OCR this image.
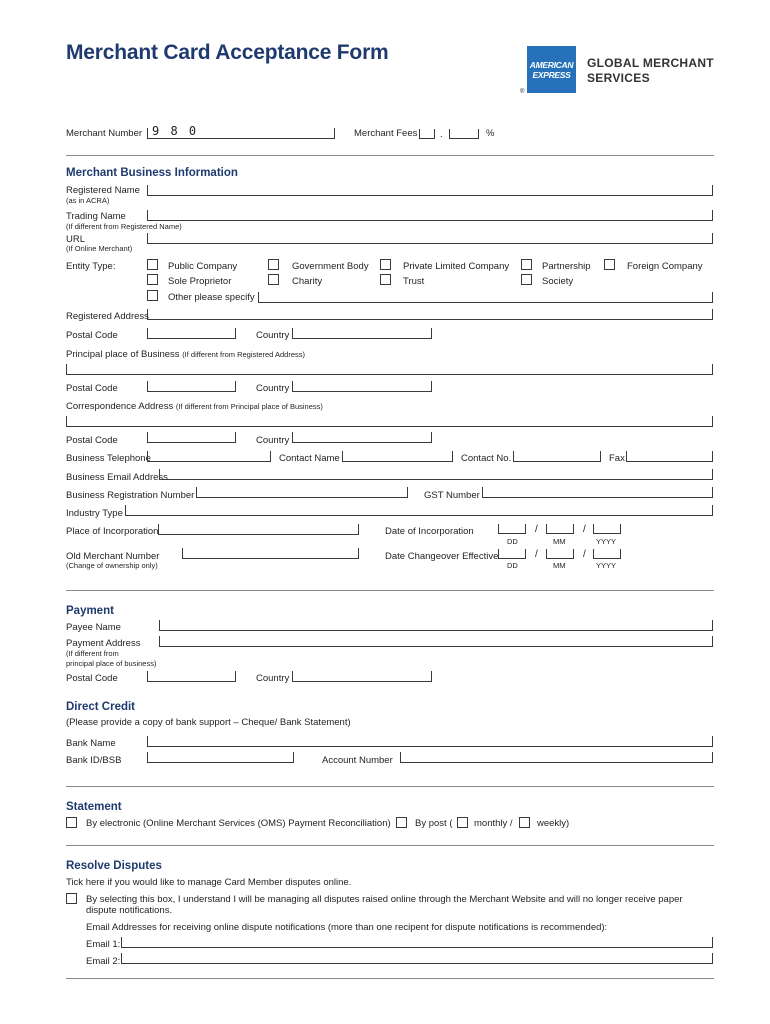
Merchant Card Acceptance Form
AMERICAN
EXPRESS
®
GLOBAL MERCHANT
SERVICES
Merchant Number 9 8 0	Merchant Fees .	%
Merchant Business Information
Registered Name
(as in ACRA)
Trading Name
(If different from Registered Name)
URL
(If Online Merchant)
Entity Type:	Public Company	Government Body	Private Limited Company	Partnership	Foreign Company
Sole Proprietor	Charity	Trust	Society
Other please specify
Registered Address
Postal Code	Country
Principal place of Business (If different from Registered Address)
Postal Code	Country
Correspondence Address (If different from Principal place of Business)
Postal Code	Country
Business Telephone	Contact Name	Contact No.	Fax
Business Email Address
Business Registration Number	GST Number
Industry Type
Place of Incorporation	Date of Incorporation	/	/
DD	MM	YYYY
Old Merchant Number
(Change of ownership only)
Date Changeover Effective	/	/
DD	MM	YYYY
Payment
Payee Name
Payment Address
(If different from
principal place of business)
Postal Code	Country
Direct Credit
(Please provide a copy of bank support – Cheque/ Bank Statement)
Bank Name
Bank ID/BSB	Account Number
Statement
By electronic (Online Merchant Services (OMS) Payment Reconciliation)	By post ( monthly /	weekly)
Resolve Disputes
Tick here if you would like to manage Card Member disputes online.
By selecting this box, I understand I will be managing all disputes raised online through the Merchant Website and will no longer receive paper
dispute notifications.
Email Addresses for receiving online dispute notifications (more than one recipent for dispute notifications is recommended):
Email 1:
Email 2:
